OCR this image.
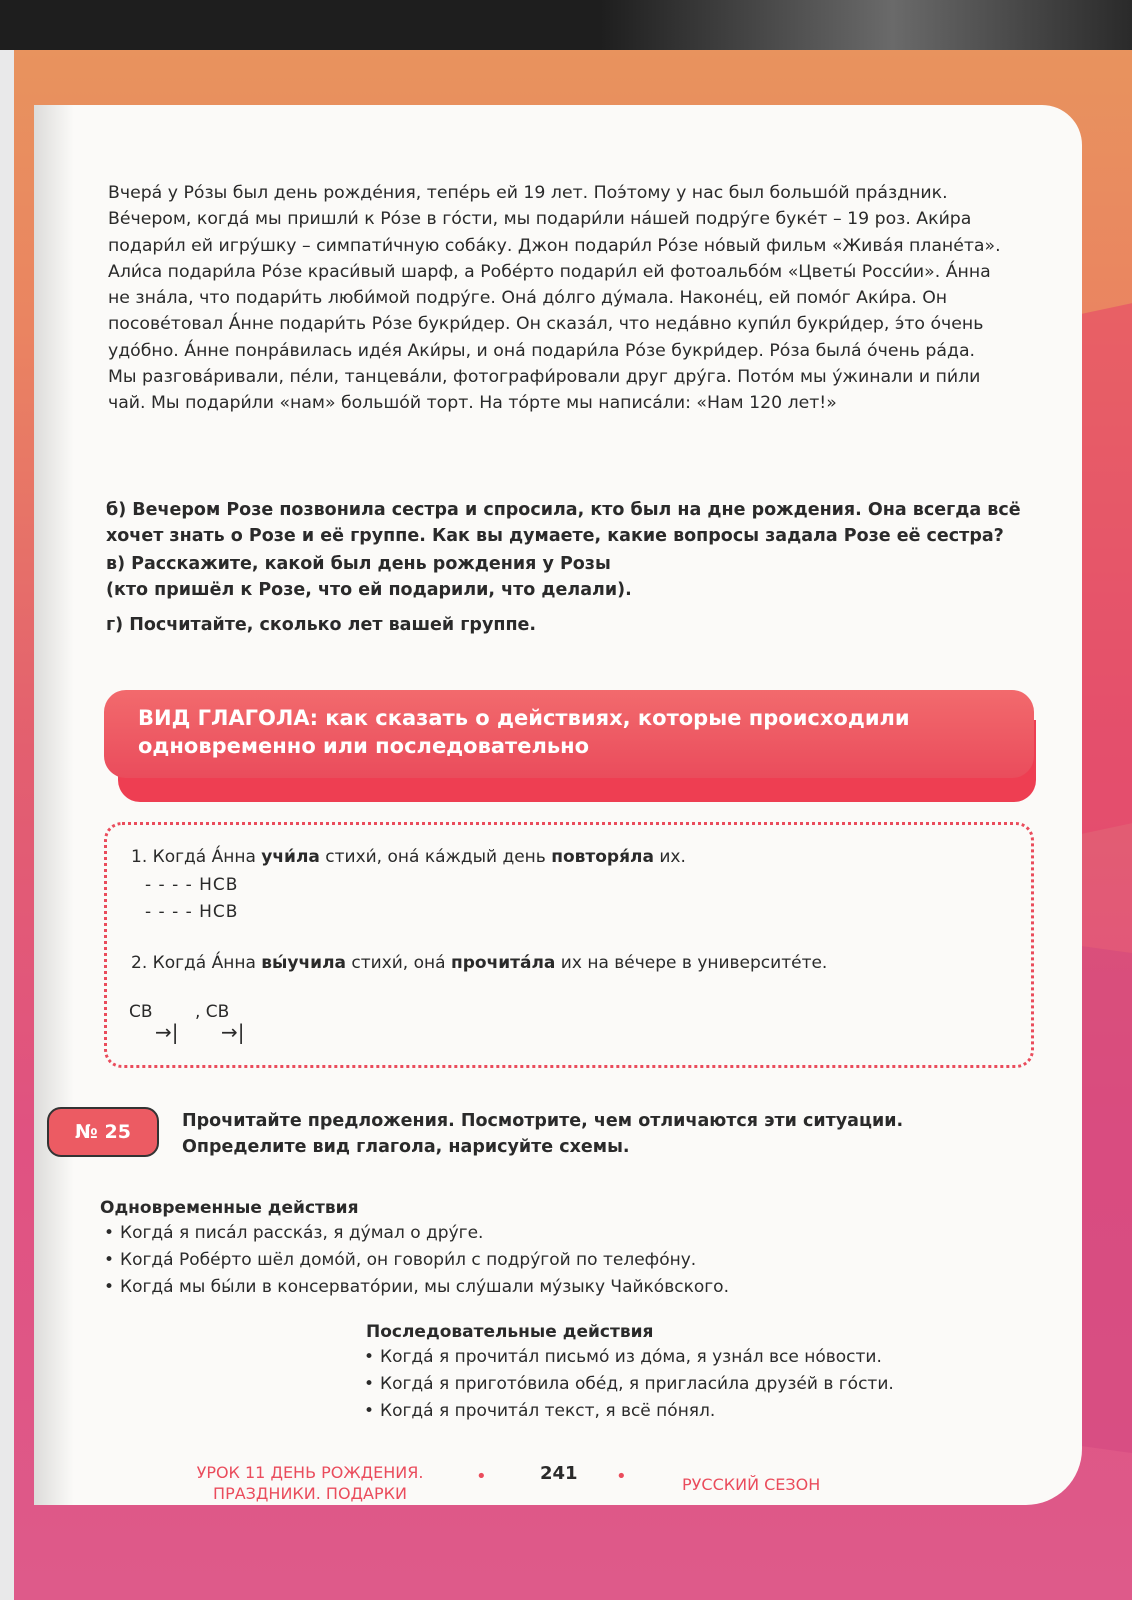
Вчерá у Рóзы был день рождéния, тепéрь ей 19 лет. Поэ́тому у нас был большóй прáздник. Вéчером, когдá мы пришли́ к Рóзе в гóсти, мы подари́ли нáшей подрýге букéт – 19 роз. Аки́ра подари́л ей игрýшку – симпати́чную собáку. Джон подари́л Рóзе нóвый фильм «Живáя планéта». Али́са подари́ла Рóзе краси́вый шарф, а Робéрто подари́л ей фотоальбóм «Цветы́ Росси́и». А́нна не знáла, что подари́ть люби́мой подрýге. Онá дóлго дýмала. Наконéц, ей помóг Аки́ра. Он посовéтовал А́нне подари́ть Рóзе букри́дер. Он сказáл, что недáвно купи́л букри́дер, э́то óчень удóбно. А́нне понрáвилась идéя Аки́ры, и онá подари́ла Рóзе букри́дер. Рóза былá óчень рáда. Мы разговáривали, пéли, танцевáли, фотографи́ровали друг дрýга. Потóм мы ýжинали и пи́ли чай. Мы подари́ли «нам» большóй торт. На тóрте мы написáли: «Нам 120 лет!»

б) Вечером Розе позвонила сестра и спросила, кто был на дне рождения. Она всегда всё хочет знать о Розе и её группе. Как вы думаете, какие вопросы задала Розе её сестра?

в) Расскажите, какой был день рождения у Розы
(кто пришёл к Розе, что ей подарили, что делали).

г) Посчитайте, сколько лет вашей группе.

ВИД ГЛАГОЛА: как сказать о действиях, которые происходили
одновременно или последовательно

1. Когдá А́нна учи́ла стихи́, онá кáждый день повторя́ла их.

- - - - НСВ

- - - - НСВ

2. Когдá А́нна вы́учила стихи́, онá прочитáла их на вéчере в университéте.

СВ , СВ

→| →|
№ 25	Прочитайте предложения. Посмотрите, чем отличаются эти ситуации.
Определите вид глагола, нарисуйте схемы.

Одновременные действия

• Когдá я писáл расскáз, я дýмал о дрýге.
• Когдá Робéрто шёл домóй, он говори́л с подрýгой по телефóну.
• Когдá мы бы́ли в консерватóрии, мы слýшали мýзыку Чайкóвского.

Последовательные действия

• Когдá я прочитáл письмó из дóма, я узнáл все нóвости.
• Когдá я приготóвила обéд, я пригласи́ла друзéй в гóсти.
• Когдá я прочитáл текст, я всё пóнял.

УРОК 11 ДЕНЬ РОЖДЕНИЯ.
ПРАЗДНИКИ. ПОДАРКИ

•	241 •	РУССКИЙ СЕЗОН
